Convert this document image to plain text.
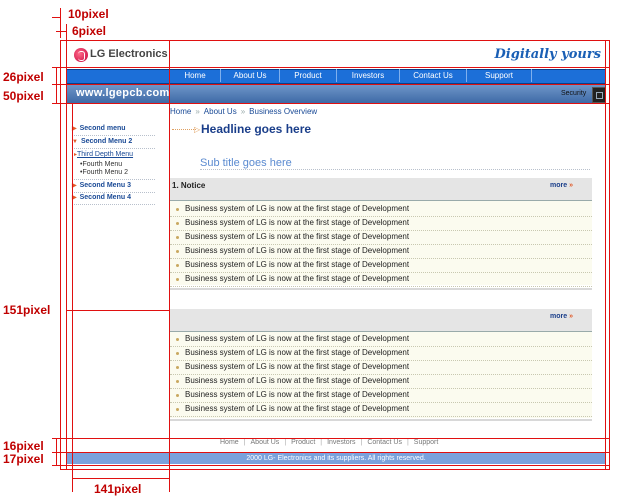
LG Electronics	Digitally yours
Home	About Us	Product	Investors	Contact Us	Support
www.lgepcb.com	Security
▶ Second menu
▼ Second Menu 2
▸Third Depth Menu
•Fourth Menu
•Fourth Menu 2
▶ Second Menu 3
▶ Second Menu 4
Home » About Us » Business Overview
▷ Headline goes here
Sub title goes here
1. Notice	more »
Business system of LG is now at the first stage of Development
Business system of LG is now at the first stage of Development
Business system of LG is now at the first stage of Development
Business system of LG is now at the first stage of Development
Business system of LG is now at the first stage of Development
Business system of LG is now at the first stage of Development
more »
Business system of LG is now at the first stage of Development
Business system of LG is now at the first stage of Development
Business system of LG is now at the first stage of Development
Business system of LG is now at the first stage of Development
Business system of LG is now at the first stage of Development
Business system of LG is now at the first stage of Development
Home | About Us | Product | Investors | Contact Us | Support
2000 LG- Electronics and its suppliers. All rights reserved.
10pixel
6pixel
26pixel
50pixel
151pixel
16pixel
17pixel
141pixel
